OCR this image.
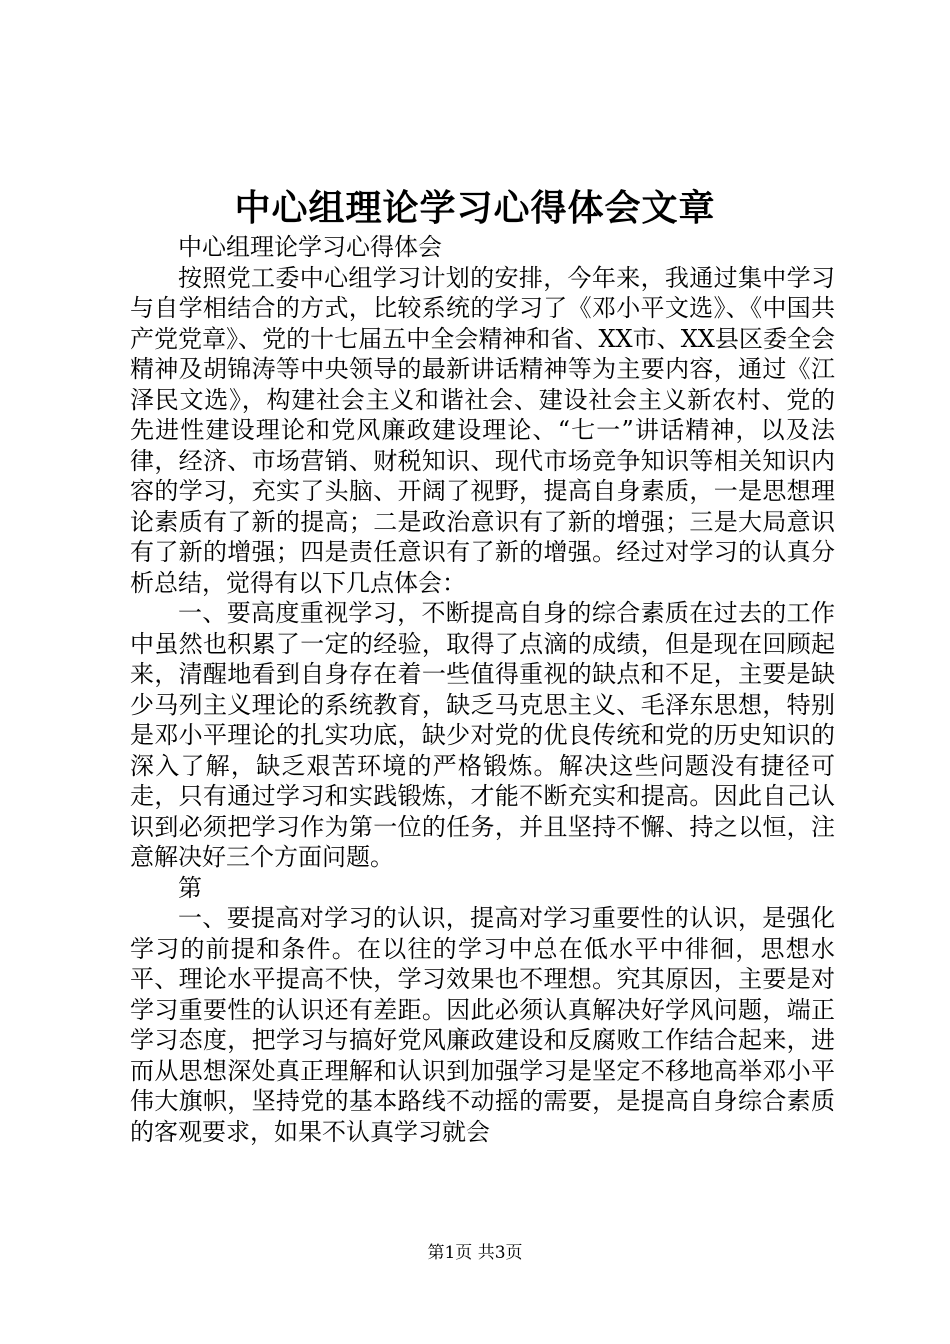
中心组理论学习心得体会文章

中心组理论学习心得体会

按照党工委中心组学习计划的安排，今年来，我通过集中学习与自学相结合的方式，比较系统的学习了《邓小平文选》、《中国共产党党章》、党的十七届五中全会精神和省、XX市、XX县区委全会精神及胡锦涛等中央领导的最新讲话精神等为主要内容，通过《江泽民文选》，构建社会主义和谐社会、建设社会主义新农村、党的先进性建设理论和党风廉政建设理论、“七一”讲话精神，以及法律，经济、市场营销、财税知识、现代市场竞争知识等相关知识内容的学习，充实了头脑、开阔了视野，提高自身素质，一是思想理论素质有了新的提高；二是政治意识有了新的增强；三是大局意识有了新的增强；四是责任意识有了新的增强。经过对学习的认真分析总结，觉得有以下几点体会：

一、要高度重视学习，不断提高自身的综合素质在过去的工作中虽然也积累了一定的经验，取得了点滴的成绩，但是现在回顾起来，清醒地看到自身存在着一些值得重视的缺点和不足，主要是缺少马列主义理论的系统教育，缺乏马克思主义、毛泽东思想，特别是邓小平理论的扎实功底，缺少对党的优良传统和党的历史知识的深入了解，缺乏艰苦环境的严格锻炼。解决这些问题没有捷径可走，只有通过学习和实践锻炼，才能不断充实和提高。因此自己认识到必须把学习作为第一位的任务，并且坚持不懈、持之以恒，注意解决好三个方面问题。

第

一、要提高对学习的认识，提高对学习重要性的认识，是强化学习的前提和条件。在以往的学习中总在低水平中徘徊，思想水平、理论水平提高不快，学习效果也不理想。究其原因，主要是对学习重要性的认识还有差距。因此必须认真解决好学风问题，端正学习态度，把学习与搞好党风廉政建设和反腐败工作结合起来，进而从思想深处真正理解和认识到加强学习是坚定不移地高举邓小平伟大旗帜，坚持党的基本路线不动摇的需要，是提高自身综合素质的客观要求，如果不认真学习就会

第1页 共3页
